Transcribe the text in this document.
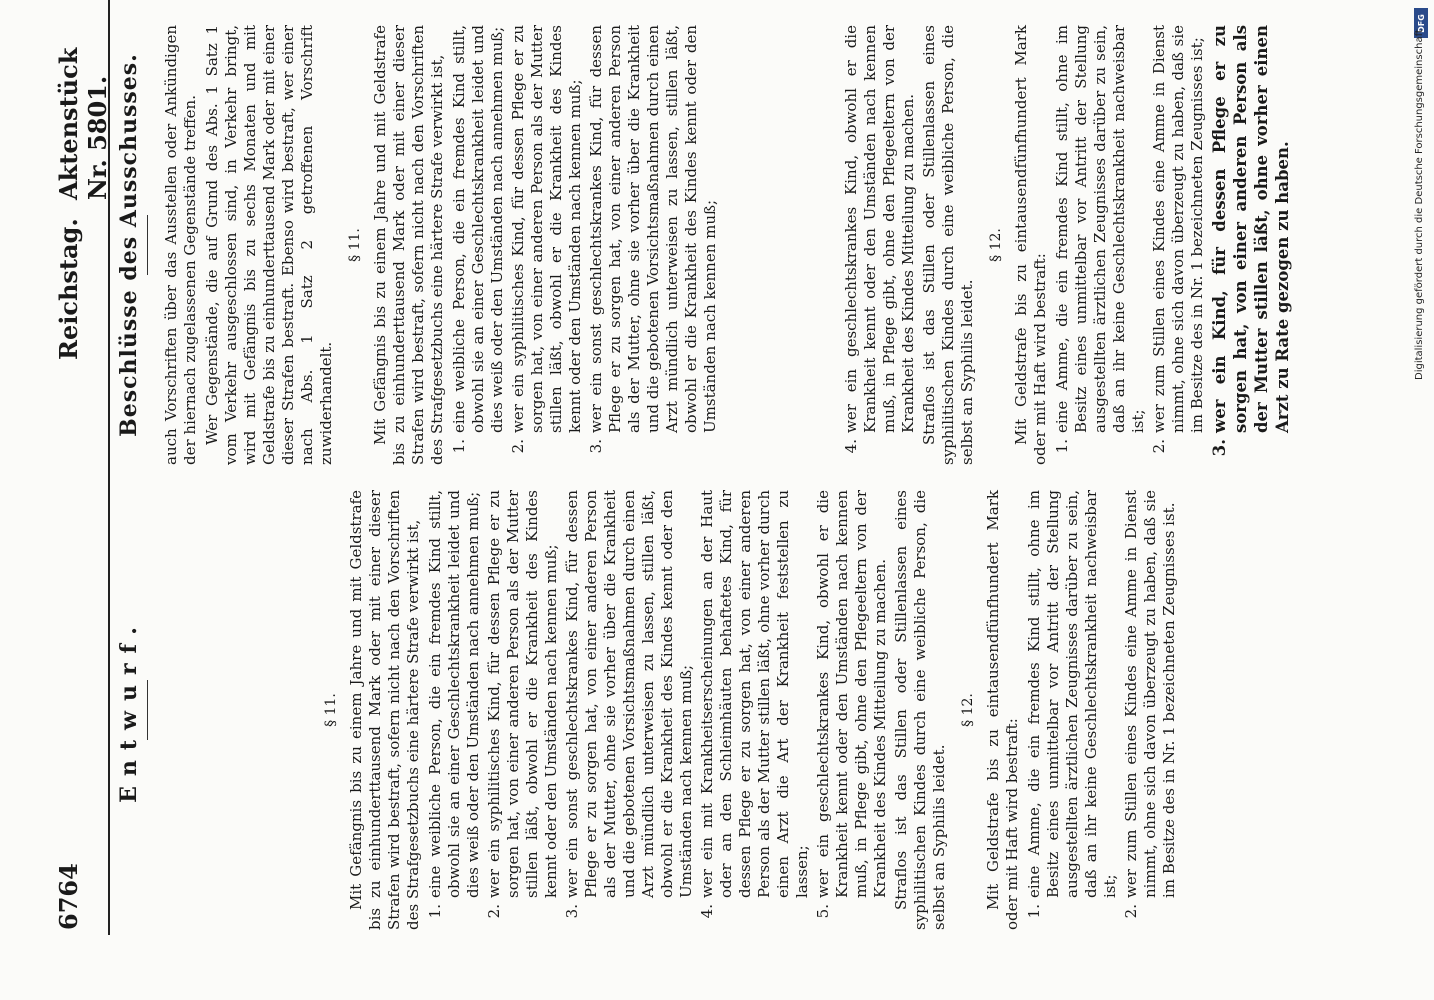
6764
Reichstag.
Aktenstück Nr. 5801.
Entwurf.	§ 11. Mit Gefängnis bis zu einem Jahre und mit Geldstrafe bis zu einhunderttausend Mark oder mit einer dieser Strafen wird bestraft, sofern nicht nach den Vorschriften des Strafgesetzbuchs eine härtere Strafe verwirkt ist, 1.
eine weibliche Person, die ein fremdes Kind stillt, obwohl sie an einer Geschlechtskrankheit leidet und dies weiß oder den Umständen nach annehmen muß;
2.
wer ein syphilitisches Kind, für dessen Pflege er zu sorgen hat, von einer anderen Person als der Mutter stillen läßt, obwohl er die Krankheit des Kindes kennt oder den Umständen nach kennen muß;
3.
wer ein sonst geschlechtskrankes Kind, für dessen Pflege er zu sorgen hat, von einer anderen Person als der Mutter, ohne sie vorher über die Krankheit und die gebotenen Vorsichtsmaßnahmen durch einen Arzt mündlich unterweisen zu lassen, stillen läßt, obwohl er die Krankheit des Kindes kennt oder den Umständen nach kennen muß;
4.
wer ein mit Krankheitserscheinungen an der Haut oder an den Schleimhäuten behaftetes Kind, für dessen Pflege er zu sorgen hat, von einer anderen Person als der Mutter stillen läßt, ohne vorher durch einen Arzt die Art der Krankheit feststellen zu lassen;
5.
wer ein geschlechtskrankes Kind, obwohl er die Krankheit kennt oder den Umständen nach kennen muß, in Pflege gibt, ohne den Pflegeeltern von der Krankheit des Kindes Mitteilung zu machen. Straflos ist das Stillen oder Stillenlassen eines syphilitischen Kindes durch eine weibliche Person, die selbst an Syphilis leidet.

§ 12. Mit Geldstrafe bis zu eintausendfünfhundert Mark oder mit Haft wird bestraft: 1.
eine Amme, die ein fremdes Kind stillt, ohne im Besitz eines unmittelbar vor Antritt der Stellung ausgestellten ärztlichen Zeugnisses darüber zu sein, daß an ihr keine Geschlechtskrankheit nachweisbar ist;
2.
wer zum Stillen eines Kindes eine Amme in Dienst nimmt, ohne sich davon überzeugt zu haben, daß sie im Besitze des in Nr. 1 bezeichneten Zeugnisses ist.
Beschlüsse des Ausschusses. auch Vorschriften über das Ausstellen oder Ankündigen der hiernach zugelassenen Gegenstände treffen. Wer Gegenstände, die auf Grund des Abs. 1 Satz 1 vom Verkehr ausgeschlossen sind, in Verkehr bringt, wird mit Gefängnis bis zu sechs Monaten und mit Geldstrafe bis zu einhunderttausend Mark oder mit einer dieser Strafen bestraft. Ebenso wird bestraft, wer einer nach Abs. 1 Satz 2 getroffenen Vorschrift zuwiderhandelt.

§ 11. Mit Gefängnis bis zu einem Jahre und mit Geldstrafe bis zu einhunderttausend Mark oder mit einer dieser Strafen wird bestraft, sofern nicht nach den Vorschriften des Strafgesetzbuchs eine härtere Strafe verwirkt ist, 1.
eine weibliche Person, die ein fremdes Kind stillt, obwohl sie an einer Geschlechtskrankheit leidet und dies weiß oder den Umständen nach annehmen muß;
2.
wer ein syphilitisches Kind, für dessen Pflege er zu sorgen hat, von einer anderen Person als der Mutter stillen läßt, obwohl er die Krankheit des Kindes kennt oder den Umständen nach kennen muß;
3.
wer ein sonst geschlechtskrankes Kind, für dessen Pflege er zu sorgen hat, von einer anderen Person als der Mutter, ohne sie vorher über die Krankheit und die gebotenen Vorsichtsmaßnahmen durch einen Arzt mündlich unterweisen zu lassen, stillen läßt, obwohl er die Krankheit des Kindes kennt oder den Umständen nach kennen muß;
4.
wer ein geschlechtskrankes Kind, obwohl er die Krankheit kennt oder den Umständen nach kennen muß, in Pflege gibt, ohne den Pflegeeltern von der Krankheit des Kindes Mitteilung zu machen. Straflos ist das Stillen oder Stillenlassen eines syphilitischen Kindes durch eine weibliche Person, die selbst an Syphilis leidet.

§ 12. Mit Geldstrafe bis zu eintausendfünfhundert Mark oder mit Haft wird bestraft: 1.
eine Amme, die ein fremdes Kind stillt, ohne im Besitz eines unmittelbar vor Antritt der Stellung ausgestellten ärztlichen Zeugnisses darüber zu sein, daß an ihr keine Geschlechtskrankheit nachweisbar ist;
2.
wer zum Stillen eines Kindes eine Amme in Dienst nimmt, ohne sich davon überzeugt zu haben, daß sie im Besitze des in Nr. 1 bezeichneten Zeugnisses ist;
3.
wer ein Kind, für dessen Pflege er zu sorgen hat, von einer anderen Person als der Mutter stillen läßt, ohne vorher einen Arzt zu Rate gezogen zu haben.
DFG
Digitalisierung gefördert durch die Deutsche Forschungsgemeinschaft
